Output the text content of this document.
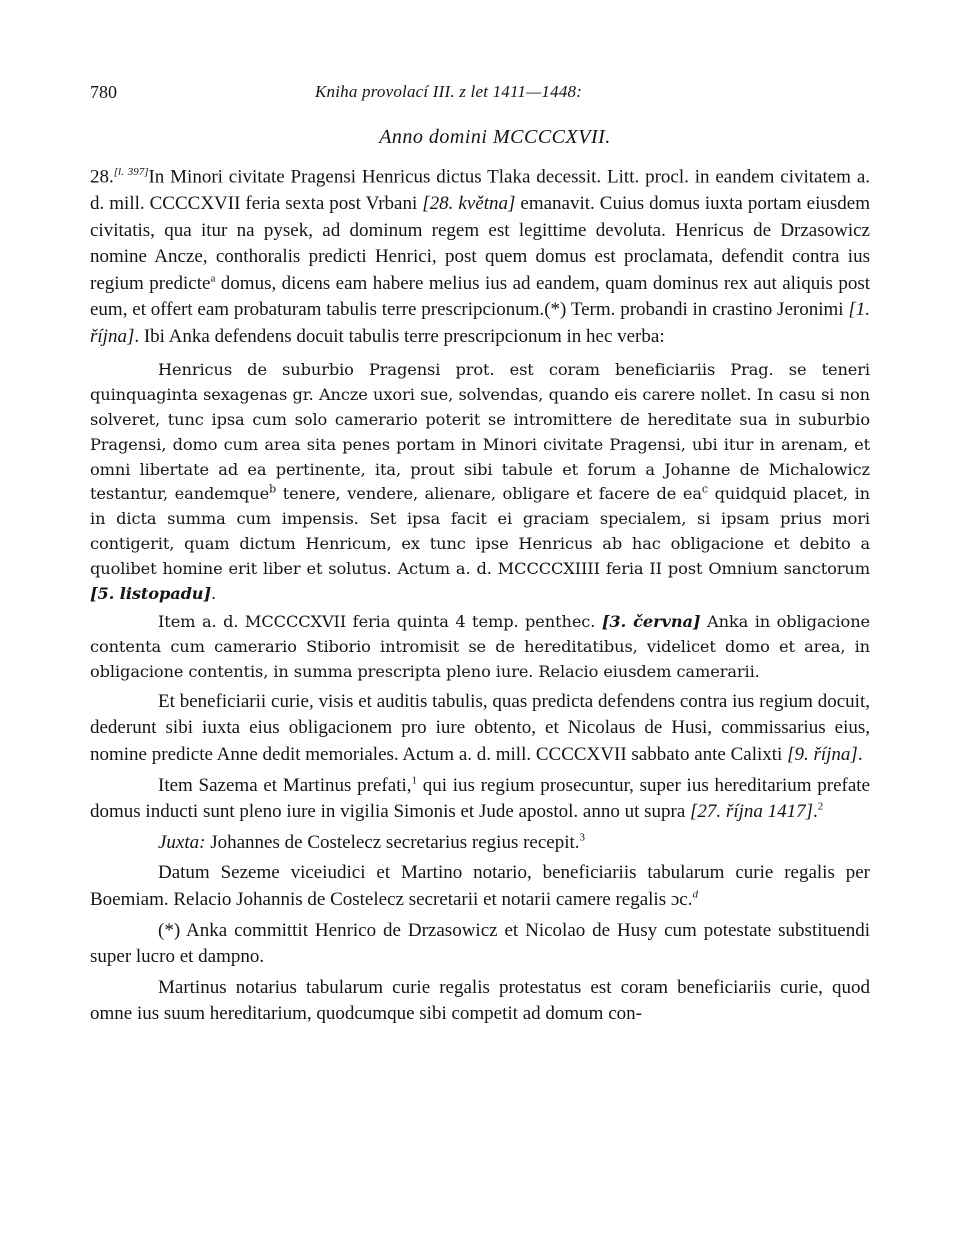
780	Kniha provolací III. z let 1411—1448:
Anno domini MCCCCXVII.

28.[l. 397]In Minori civitate Pragensi Henricus dictus Tlaka decessit. Litt. procl. in eandem civitatem a. d. mill. CCCCXVII feria sexta post Vrbani [28. května] emanavit. Cuius domus iuxta portam eiusdem civitatis, qua itur na pysek, ad dominum regem est legittime devoluta. Henricus de Drzasowicz nomine Ancze, conthoralis predicti Henrici, post quem domus est proclamata, defendit contra ius regium predicte$^a$ domus, dicens eam habere melius ius ad eandem, quam dominus rex aut aliquis post eum, et offert eam probaturam tabulis terre prescripcionum.(*) Term. probandi in crastino Jeronimi [1. října]. Ibi Anka defendens docuit tabulis terre prescripcionum in hec verba:

Henricus de suburbio Pragensi prot. est coram beneficiariis Prag. se teneri quinquaginta sexagenas gr. Ancze uxori sue, solvendas, quando eis carere nollet. In casu si non solveret, tunc ipsa cum solo camerario poterit se intromittere de hereditate sua in suburbio Pragensi, domo cum area sita penes portam in Minori civitate Pragensi, ubi itur in arenam, et omni libertate ad ea pertinente, ita, prout sibi tabule et forum a Johanne de Michalowicz testantur, eandemque$^b$ tenere, vendere, alienare, obligare et facere de $ea^c$ quidquid placet, in in dicta summa cum impensis. Set ipsa facit ei graciam specialem, si ipsam prius mori contigerit, quam dictum Henricum, ex tunc ipse Henricus ab hac obligacione et debito a quolibet homine erit liber et solutus. Actum a. d. MCCCCXIIII feria II post Omnium sanctorum [5. listopadu].

Item a. d. MCCCCXVII feria quinta 4 temp. penthec. [3. června] Anka in obligacione contenta cum camerario Stiborio intromisit se de hereditatibus, videlicet domo et area, in obligacione contentis, in summa prescripta pleno iure. Relacio eiusdem camerarii.

Et beneficiarii curie, visis et auditis tabulis, quas predicta defendens contra ius regium docuit, dederunt sibi iuxta eius obligacionem pro iure obtento, et Nicolaus de Husi, commissarius eius, nomine predicte Anne dedit memoriales. Actum a. d. mill. CCCCXVII sabbato ante Calixti [9. října].

Item Sazema et Martinus prefati,$^1$ qui ius regium prosecuntur, super ius hereditarium prefate domus inducti sunt pleno iure in vigilia Simonis et Jude apostol. anno ut supra [27. října 1417].$^2$

Juxta: Johannes de Costelecz secretarius regius recepit.$^3$

Datum Sezeme viceiudici et Martino notario, beneficiariis tabularum curie regalis per Boemiam. Relacio Johannis de Costelecz secretarii et notarii camere regalis ɔc.$^d$

(*) Anka committit Henrico de Drzasowicz et Nicolao de Husy cum potestate substituendi super lucro et dampno.

Martinus notarius tabularum curie regalis protestatus est coram beneficiariis curie, quod omne ius suum hereditarium, quodcumque sibi competit ad domum con-
